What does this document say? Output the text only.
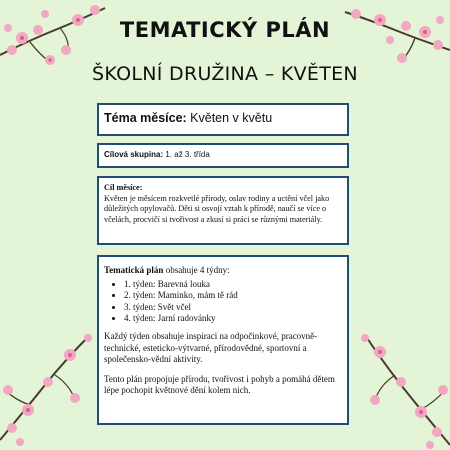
TEMATICKÝ PLÁN
ŠKOLNÍ DRUŽINA – KVĚTEN
Téma měsíce: Květen v květu
Cílová skupina: 1. až 3. třída
Cíl měsíce:
Květen je měsícem rozkvetlé přírody, oslav rodiny a uctění včel jako důležitých opylovačů. Děti si osvojí vztah k přírodě, naučí se více o včelách, procvičí si tvořivost a zkusí si práci se různými materiály.
Tematická plán obsahuje 4 týdny:
• 1. týden: Barevná louka
• 2. týden: Maminko, mám tě rád
• 3. týden: Svět včel
• 4. týden: Jarní radovánky

Každý týden obsahuje inspiraci na odpočinkové, pracovně-technické, esteticko-výtvarné, přírodovědné, sportovní a společensko-vědní aktivity.

Tento plán propojuje přírodu, tvořivost i pohyb a pomáhá dětem lépe pochopit květnové dění kolem nich.
